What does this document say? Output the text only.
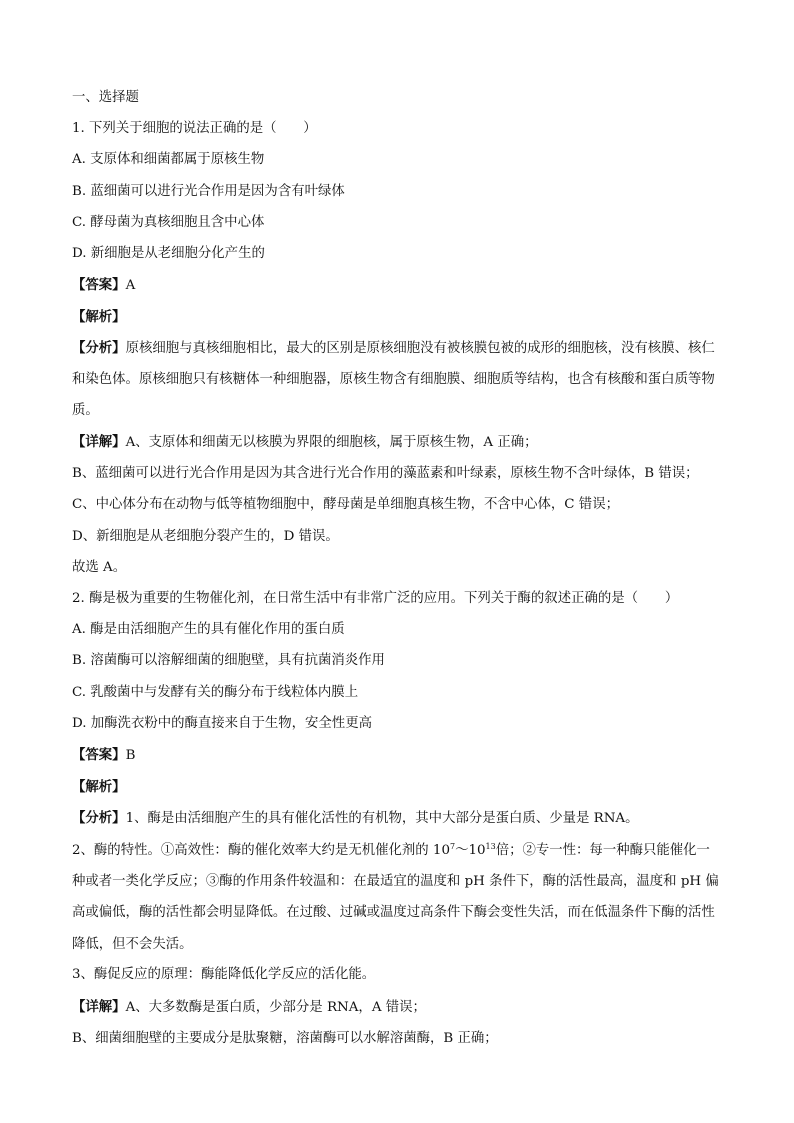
一、选择题
1. 下列关于细胞的说法正确的是（　　）
A. 支原体和细菌都属于原核生物
B. 蓝细菌可以进行光合作用是因为含有叶绿体
C. 酵母菌为真核细胞且含中心体
D. 新细胞是从老细胞分化产生的
【答案】A
【解析】
【分析】原核细胞与真核细胞相比，最大的区别是原核细胞没有被核膜包被的成形的细胞核，没有核膜、核仁和染色体。原核细胞只有核糖体一种细胞器，原核生物含有细胞膜、细胞质等结构，也含有核酸和蛋白质等物质。
【详解】A、支原体和细菌无以核膜为界限的细胞核，属于原核生物，A 正确；
B、蓝细菌可以进行光合作用是因为其含进行光合作用的藻蓝素和叶绿素，原核生物不含叶绿体，B 错误；
C、中心体分布在动物与低等植物细胞中，酵母菌是单细胞真核生物，不含中心体，C 错误；
D、新细胞是从老细胞分裂产生的，D 错误。
故选 A。
2. 酶是极为重要的生物催化剂，在日常生活中有非常广泛的应用。下列关于酶的叙述正确的是（　　）
A. 酶是由活细胞产生的具有催化作用的蛋白质
B. 溶菌酶可以溶解细菌的细胞壁，具有抗菌消炎作用
C. 乳酸菌中与发酵有关的酶分布于线粒体内膜上
D. 加酶洗衣粉中的酶直接来自于生物，安全性更高
【答案】B
【解析】
【分析】1、酶是由活细胞产生的具有催化活性的有机物，其中大部分是蛋白质、少量是 RNA。
2、酶的特性。①高效性：酶的催化效率大约是无机催化剂的 $10^7\sim 10^{13}$倍；②专一性：每一种酶只能催化一种或者一类化学反应；③酶的作用条件较温和：在最适宜的温度和 pH 条件下，酶的活性最高，温度和 pH 偏高或偏低，酶的活性都会明显降低。在过酸、过碱或温度过高条件下酶会变性失活，而在低温条件下酶的活性降低，但不会失活。
3、酶促反应的原理：酶能降低化学反应的活化能。
【详解】A、大多数酶是蛋白质，少部分是 RNA，A 错误；
B、细菌细胞壁的主要成分是肽聚糖，溶菌酶可以水解溶菌酶，B 正确；
